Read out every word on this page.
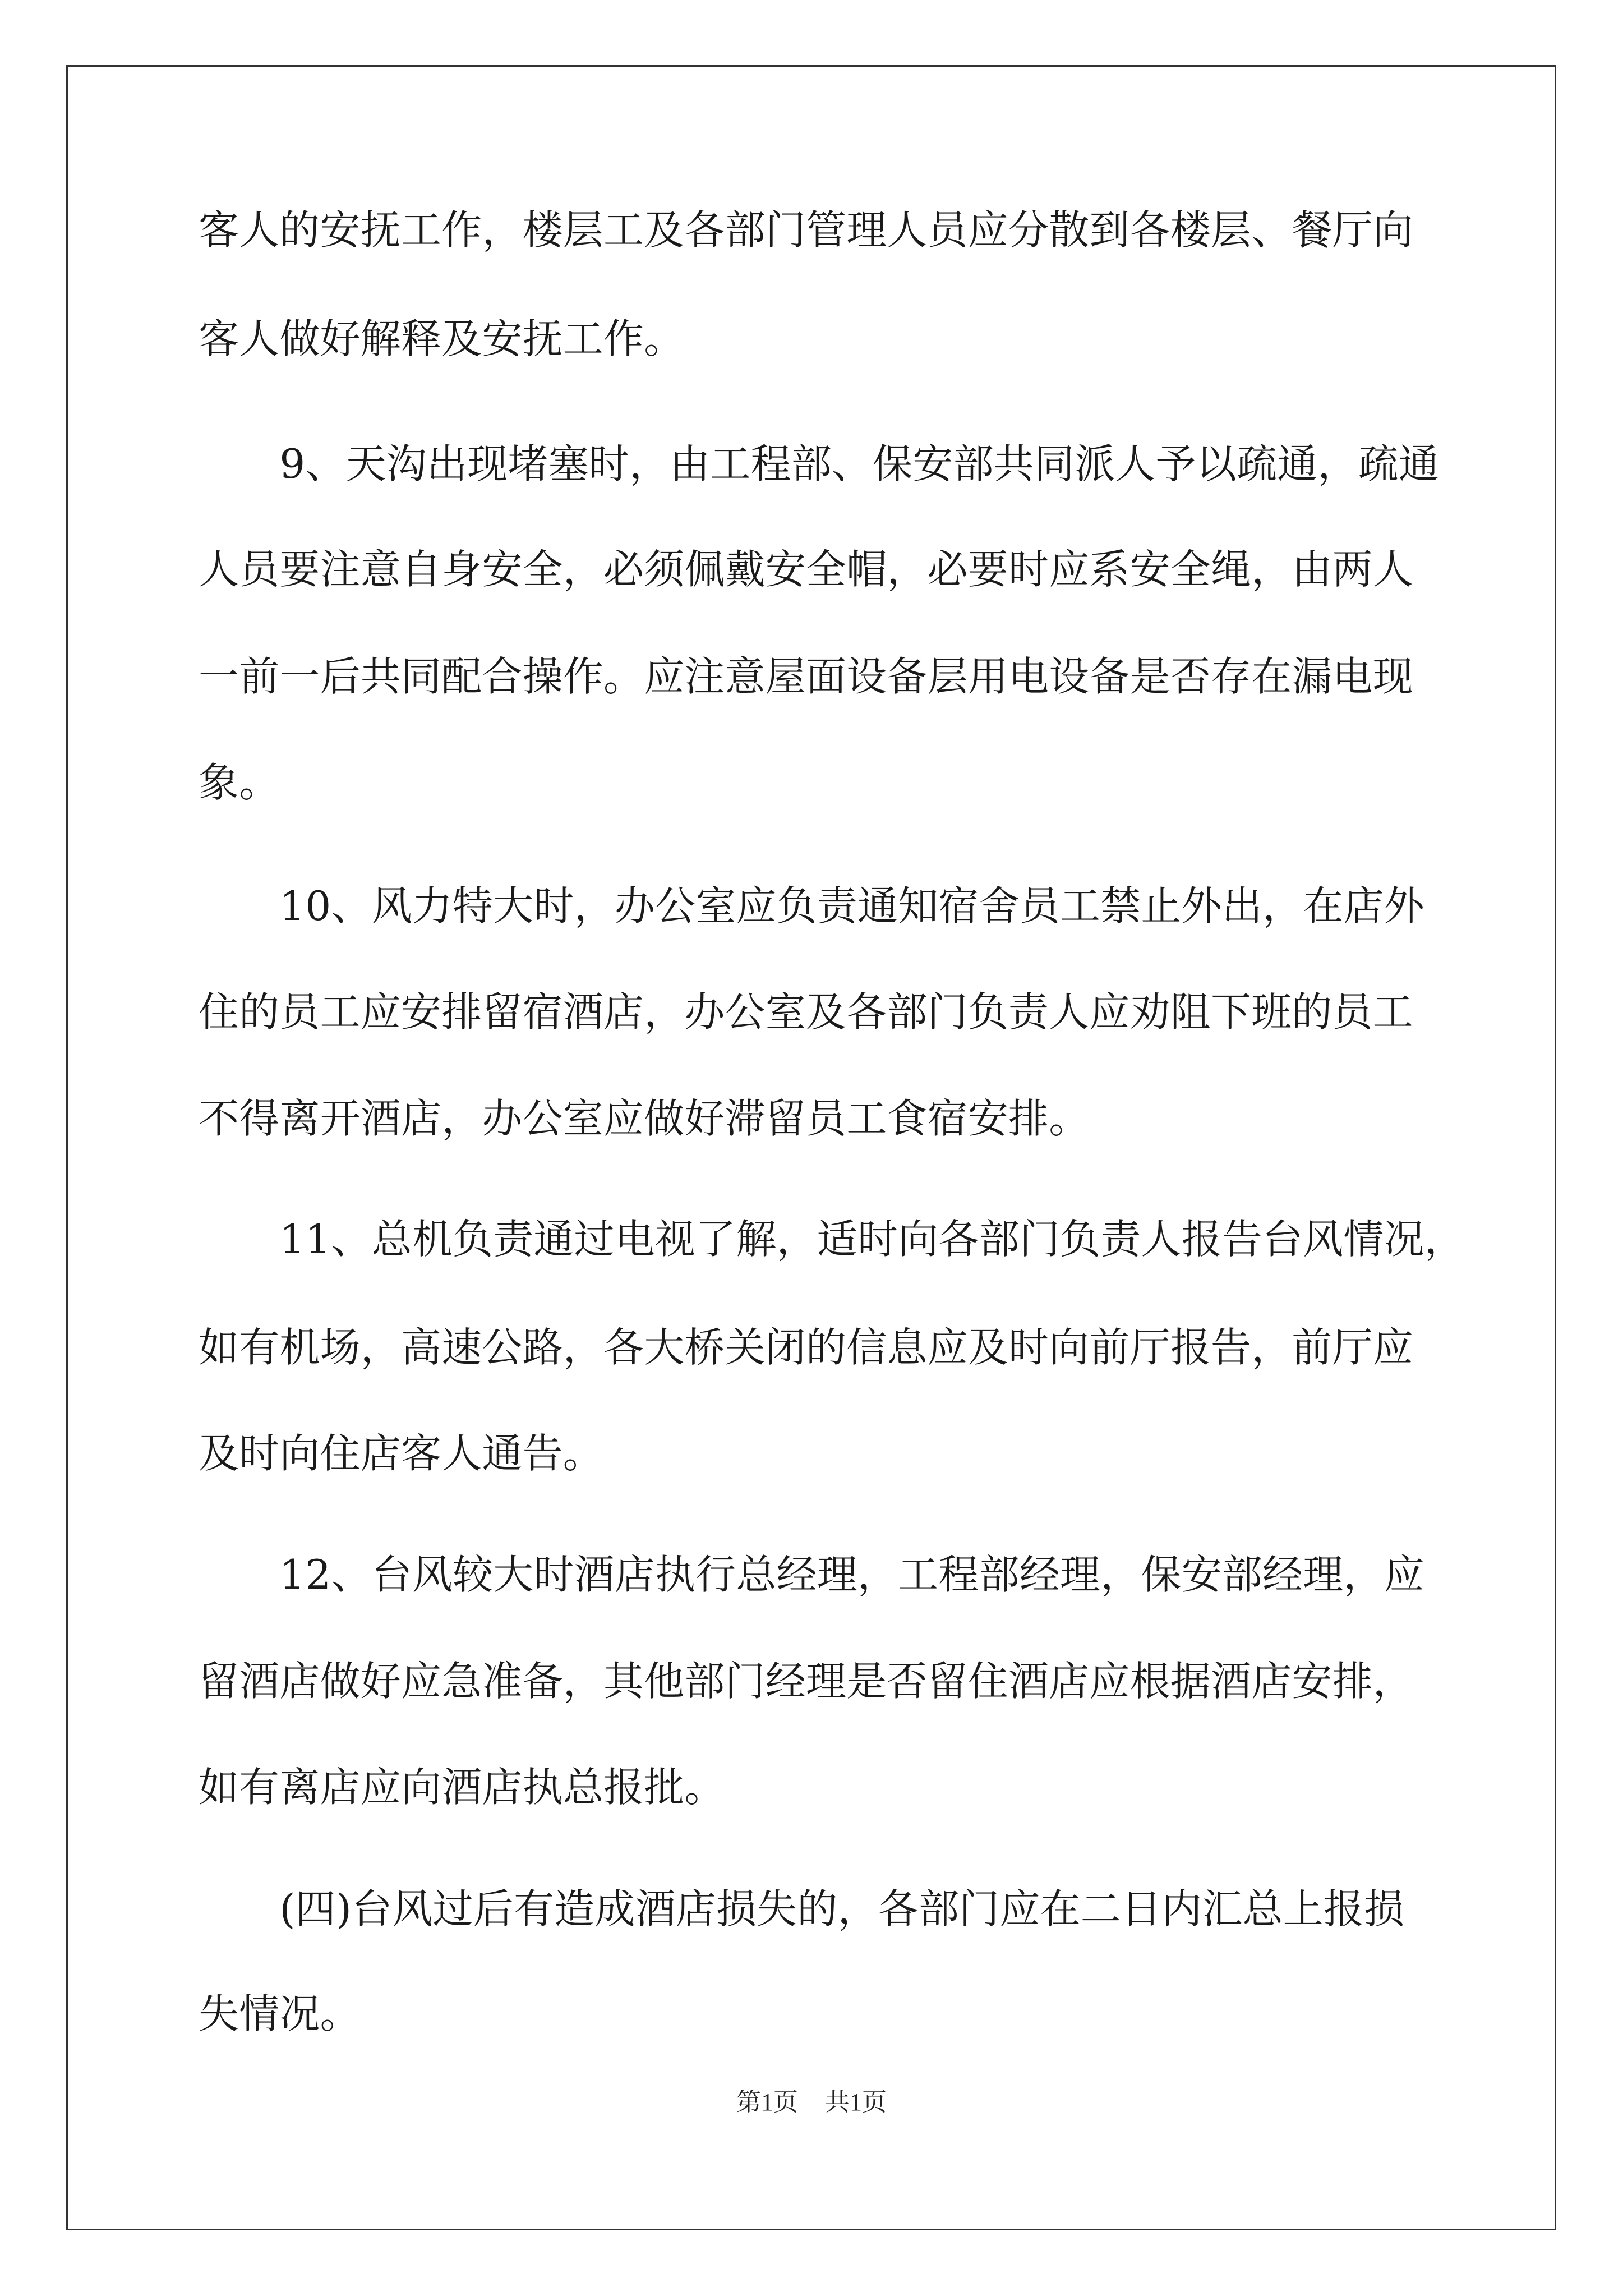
客人的安抚工作，楼层工及各部门管理人员应分散到各楼层、餐厅向
客人做好解释及安抚工作。
　　9、天沟出现堵塞时，由工程部、保安部共同派人予以疏通，疏通
人员要注意自身安全，必须佩戴安全帽，必要时应系安全绳，由两人
一前一后共同配合操作。应注意屋面设备层用电设备是否存在漏电现
象。
　　10、风力特大时，办公室应负责通知宿舍员工禁止外出，在店外
住的员工应安排留宿酒店，办公室及各部门负责人应劝阻下班的员工
不得离开酒店，办公室应做好滞留员工食宿安排。
　　11、总机负责通过电视了解，适时向各部门负责人报告台风情况，
如有机场，高速公路，各大桥关闭的信息应及时向前厅报告，前厅应
及时向住店客人通告。
　　12、台风较大时酒店执行总经理，工程部经理，保安部经理，应
留酒店做好应急准备，其他部门经理是否留住酒店应根据酒店安排，
如有离店应向酒店执总报批。
　　(四)台风过后有造成酒店损失的，各部门应在二日内汇总上报损
失情况。
第1页 共1页
